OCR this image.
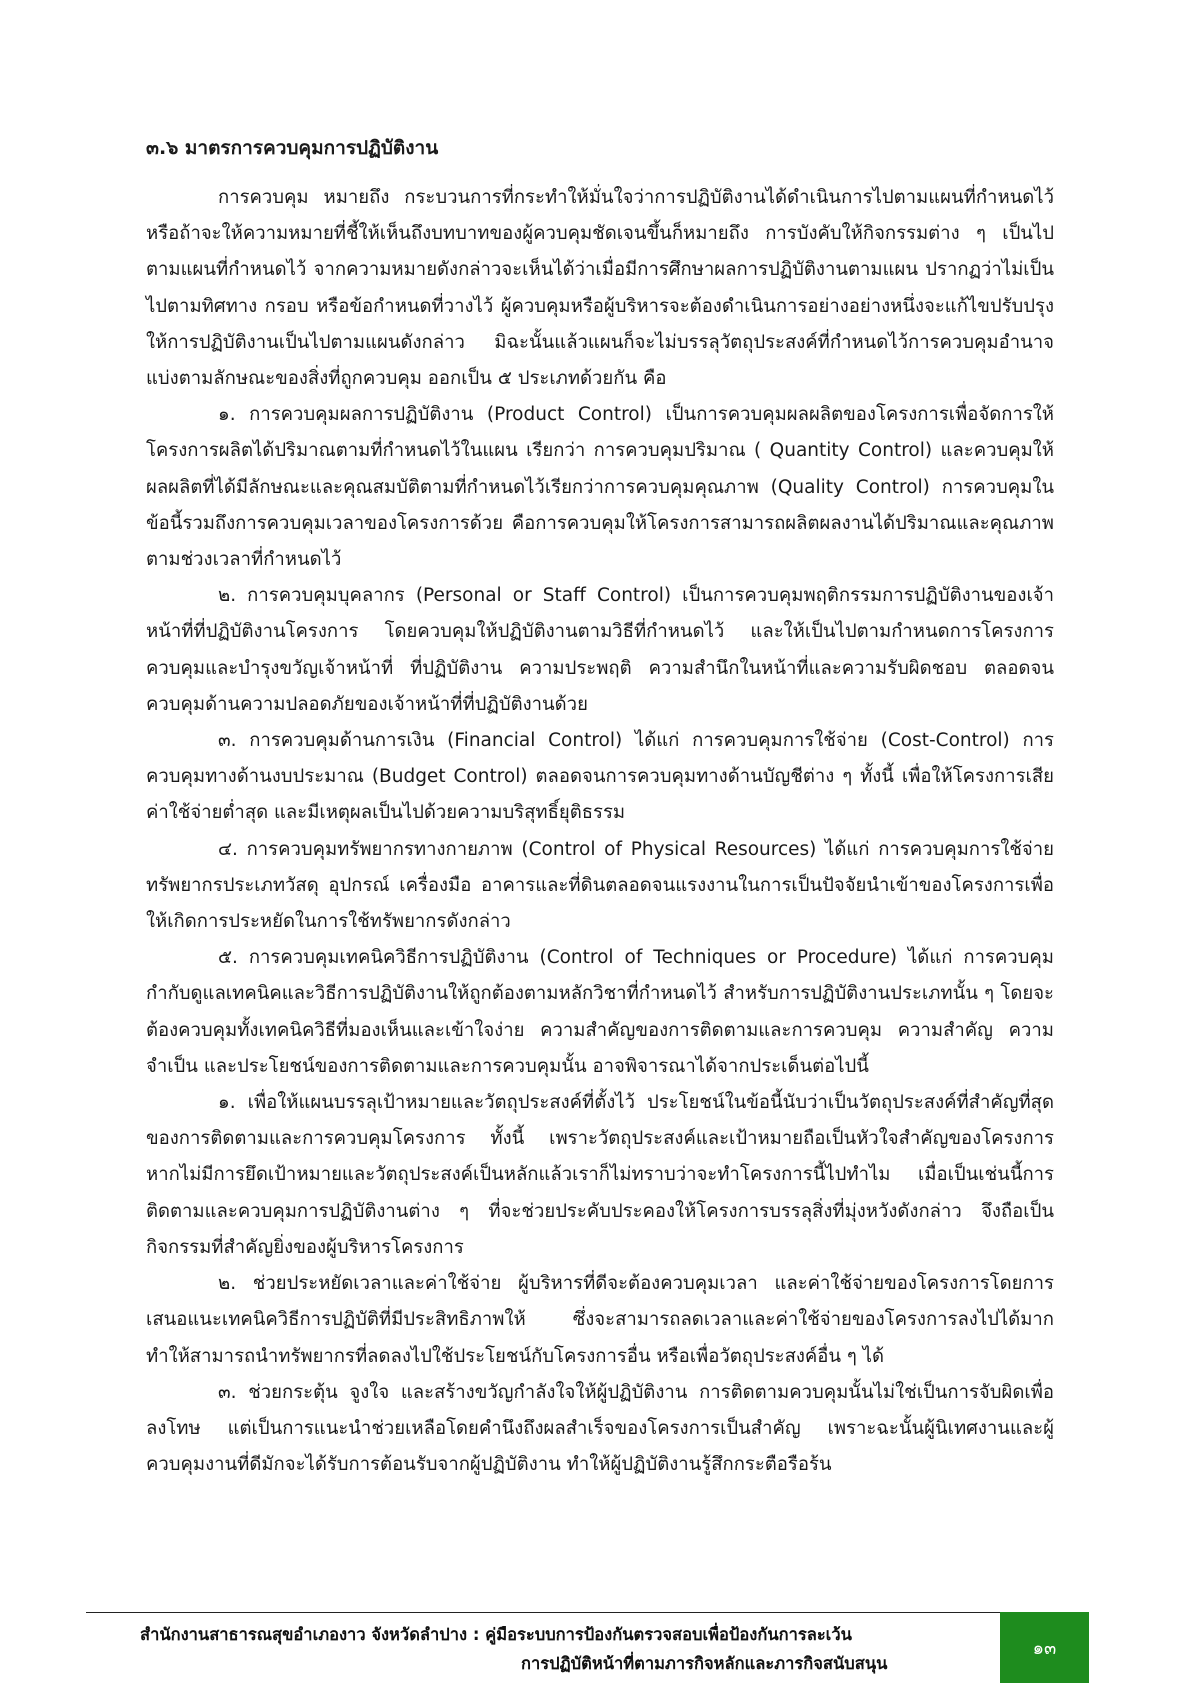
๓.๖ มาตรการควบคุมการปฏิบัติงาน

การควบคุม หมายถึง กระบวนการที่กระทำให้มั่นใจว่าการปฏิบัติงานได้ดำเนินการไปตามแผนที่กำหนดไว้ หรือถ้าจะให้ความหมายที่ชี้ให้เห็นถึงบทบาทของผู้ควบคุมชัดเจนขึ้นก็หมายถึง การบังคับให้กิจกรรมต่าง ๆ เป็นไปตามแผนที่กำหนดไว้ จากความหมายดังกล่าวจะเห็นได้ว่าเมื่อมีการศึกษาผลการปฏิบัติงานตามแผน ปรากฏว่าไม่เป็นไปตามทิศทาง กรอบ หรือข้อกำหนดที่วางไว้ ผู้ควบคุมหรือผู้บริหารจะต้องดำเนินการอย่างอย่างหนึ่งจะแก้ไขปรับปรุงให้การปฏิบัติงานเป็นไปตามแผนดังกล่าว มิฉะนั้นแล้วแผนก็จะไม่บรรลุวัตถุประสงค์ที่กำหนดไว้การควบคุมอำนาจแบ่งตามลักษณะของสิ่งที่ถูกควบคุม ออกเป็น ๕ ประเภทด้วยกัน คือ

๑. การควบคุมผลการปฏิบัติงาน (Product Control) เป็นการควบคุมผลผลิตของโครงการเพื่อจัดการให้โครงการผลิตได้ปริมาณตามที่กำหนดไว้ในแผน เรียกว่า การควบคุมปริมาณ ( Quantity Control) และควบคุมให้ผลผลิตที่ได้มีลักษณะและคุณสมบัติตามที่กำหนดไว้เรียกว่าการควบคุมคุณภาพ (Quality Control) การควบคุมในข้อนี้รวมถึงการควบคุมเวลาของโครงการด้วย คือการควบคุมให้โครงการสามารถผลิตผลงานได้ปริมาณและคุณภาพตามช่วงเวลาที่กำหนดไว้

๒. การควบคุมบุคลากร (Personal or Staff Control) เป็นการควบคุมพฤติกรรมการปฏิบัติงานของเจ้าหน้าที่ที่ปฏิบัติงานโครงการ โดยควบคุมให้ปฏิบัติงานตามวิธีที่กำหนดไว้ และให้เป็นไปตามกำหนดการโครงการ ควบคุมและบำรุงขวัญเจ้าหน้าที่ ที่ปฏิบัติงาน ความประพฤติ ความสำนึกในหน้าที่และความรับผิดชอบ ตลอดจนควบคุมด้านความปลอดภัยของเจ้าหน้าที่ที่ปฏิบัติงานด้วย

๓. การควบคุมด้านการเงิน (Financial Control) ได้แก่ การควบคุมการใช้จ่าย (Cost-Control) การควบคุมทางด้านงบประมาณ (Budget Control) ตลอดจนการควบคุมทางด้านบัญชีต่าง ๆ ทั้งนี้ เพื่อให้โครงการเสียค่าใช้จ่ายต่ำสุด และมีเหตุผลเป็นไปด้วยความบริสุทธิ์ยุติธรรม

๔. การควบคุมทรัพยากรทางกายภาพ (Control of Physical Resources) ได้แก่ การควบคุมการใช้จ่ายทรัพยากรประเภทวัสดุ อุปกรณ์ เครื่องมือ อาคารและที่ดินตลอดจนแรงงานในการเป็นปัจจัยนำเข้าของโครงการเพื่อให้เกิดการประหยัดในการใช้ทรัพยากรดังกล่าว

๕. การควบคุมเทคนิควิธีการปฏิบัติงาน (Control of Techniques or Procedure) ได้แก่ การควบคุมกำกับดูแลเทคนิคและวิธีการปฏิบัติงานให้ถูกต้องตามหลักวิชาที่กำหนดไว้ สำหรับการปฏิบัติงานประเภทนั้น ๆ โดยจะต้องควบคุมทั้งเทคนิควิธีที่มองเห็นและเข้าใจง่าย ความสำคัญของการติดตามและการควบคุม ความสำคัญ ความจำเป็น และประโยชน์ของการติดตามและการควบคุมนั้น อาจพิจารณาได้จากประเด็นต่อไปนี้

๑. เพื่อให้แผนบรรลุเป้าหมายและวัตถุประสงค์ที่ตั้งไว้ ประโยชน์ในข้อนี้นับว่าเป็นวัตถุประสงค์ที่สำคัญที่สุดของการติดตามและการควบคุมโครงการ ทั้งนี้ เพราะวัตถุประสงค์และเป้าหมายถือเป็นหัวใจสำคัญของโครงการ หากไม่มีการยึดเป้าหมายและวัตถุประสงค์เป็นหลักแล้วเราก็ไม่ทราบว่าจะทำโครงการนี้ไปทำไม เมื่อเป็นเช่นนี้การติดตามและควบคุมการปฏิบัติงานต่าง ๆ ที่จะช่วยประคับประคองให้โครงการบรรลุสิ่งที่มุ่งหวังดังกล่าว จึงถือเป็นกิจกรรมที่สำคัญยิ่งของผู้บริหารโครงการ

๒. ช่วยประหยัดเวลาและค่าใช้จ่าย ผู้บริหารที่ดีจะต้องควบคุมเวลา และค่าใช้จ่ายของโครงการโดยการเสนอแนะเทคนิควิธีการปฏิบัติที่มีประสิทธิภาพให้ ซึ่งจะสามารถลดเวลาและค่าใช้จ่ายของโครงการลงไปได้มาก ทำให้สามารถนำทรัพยากรที่ลดลงไปใช้ประโยชน์กับโครงการอื่น หรือเพื่อวัตถุประสงค์อื่น ๆ ได้

๓. ช่วยกระตุ้น จูงใจ และสร้างขวัญกำลังใจให้ผู้ปฏิบัติงาน การติดตามควบคุมนั้นไม่ใช่เป็นการจับผิดเพื่อลงโทษ แต่เป็นการแนะนำช่วยเหลือโดยคำนึงถึงผลสำเร็จของโครงการเป็นสำคัญ เพราะฉะนั้นผู้นิเทศงานและผู้ควบคุมงานที่ดีมักจะได้รับการต้อนรับจากผู้ปฏิบัติงาน ทำให้ผู้ปฏิบัติงานรู้สึกกระตือรือร้น

สำนักงานสาธารณสุขอำเภองาว จังหวัดลำปาง : คู่มือระบบการป้องกันตรวจสอบเพื่อป้องกันการละเว้น
การปฏิบัติหน้าที่ตามภารกิจหลักและภารกิจสนับสนุน
๑๓
